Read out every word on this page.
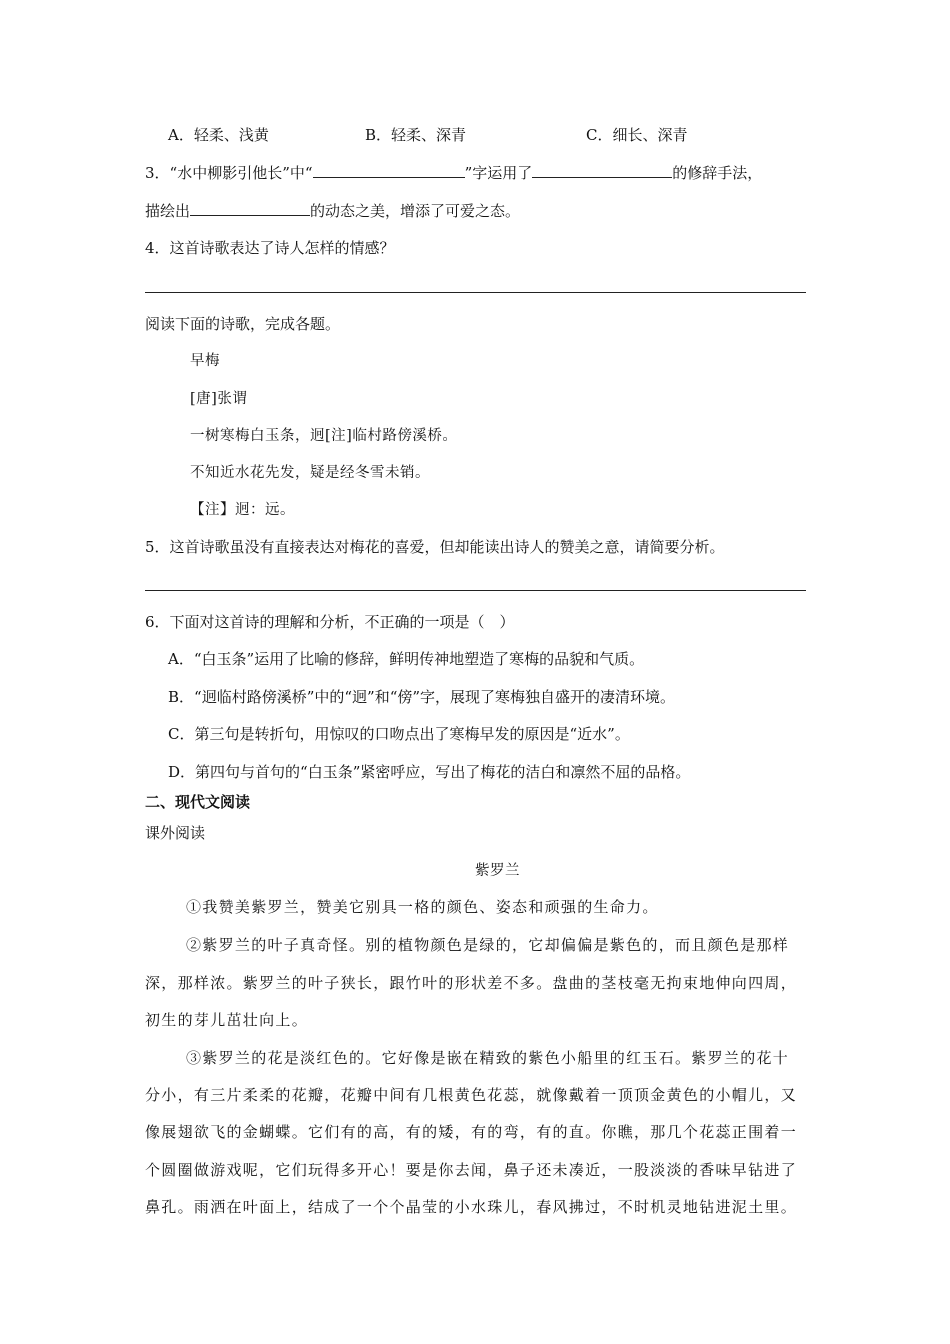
A．轻柔、浅黄	B．轻柔、深青	C．细长、深青
3．“水中柳影引他长”中“	”字运用了	的修辞手法，
描绘出	的动态之美，增添了可爱之态。
4．这首诗歌表达了诗人怎样的情感？
阅读下面的诗歌，完成各题。
早梅
[唐]张谓
一树寒梅白玉条，迥[注]临村路傍溪桥。
不知近水花先发，疑是经冬雪未销。
【注】迥：远。
5．这首诗歌虽没有直接表达对梅花的喜爱，但却能读出诗人的赞美之意，请简要分析。
6．下面对这首诗的理解和分析，不正确的一项是（　）
A．“白玉条”运用了比喻的修辞，鲜明传神地塑造了寒梅的品貌和气质。
B．“迥临村路傍溪桥”中的“迥”和“傍”字，展现了寒梅独自盛开的凄清环境。
C．第三句是转折句，用惊叹的口吻点出了寒梅早发的原因是“近水”。
D．第四句与首句的“白玉条”紧密呼应，写出了梅花的洁白和凛然不屈的品格。
二、现代文阅读
课外阅读
紫罗兰
①我赞美紫罗兰，赞美它别具一格的颜色、姿态和顽强的生命力。
②紫罗兰的叶子真奇怪。别的植物颜色是绿的，它却偏偏是紫色的，而且颜色是那样
深，那样浓。紫罗兰的叶子狭长，跟竹叶的形状差不多。盘曲的茎枝毫无拘束地伸向四周，
初生的芽儿茁壮向上。
③紫罗兰的花是淡红色的。它好像是嵌在精致的紫色小船里的红玉石。紫罗兰的花十
分小，有三片柔柔的花瓣，花瓣中间有几根黄色花蕊，就像戴着一顶顶金黄色的小帽儿，又
像展翅欲飞的金蝴蝶。它们有的高，有的矮，有的弯，有的直。你瞧，那几个花蕊正围着一
个圆圈做游戏呢，它们玩得多开心！要是你去闻，鼻子还未凑近，一股淡淡的香味早钻进了
鼻孔。雨洒在叶面上，结成了一个个晶莹的小水珠儿，春风拂过，不时机灵地钻进泥土里。
